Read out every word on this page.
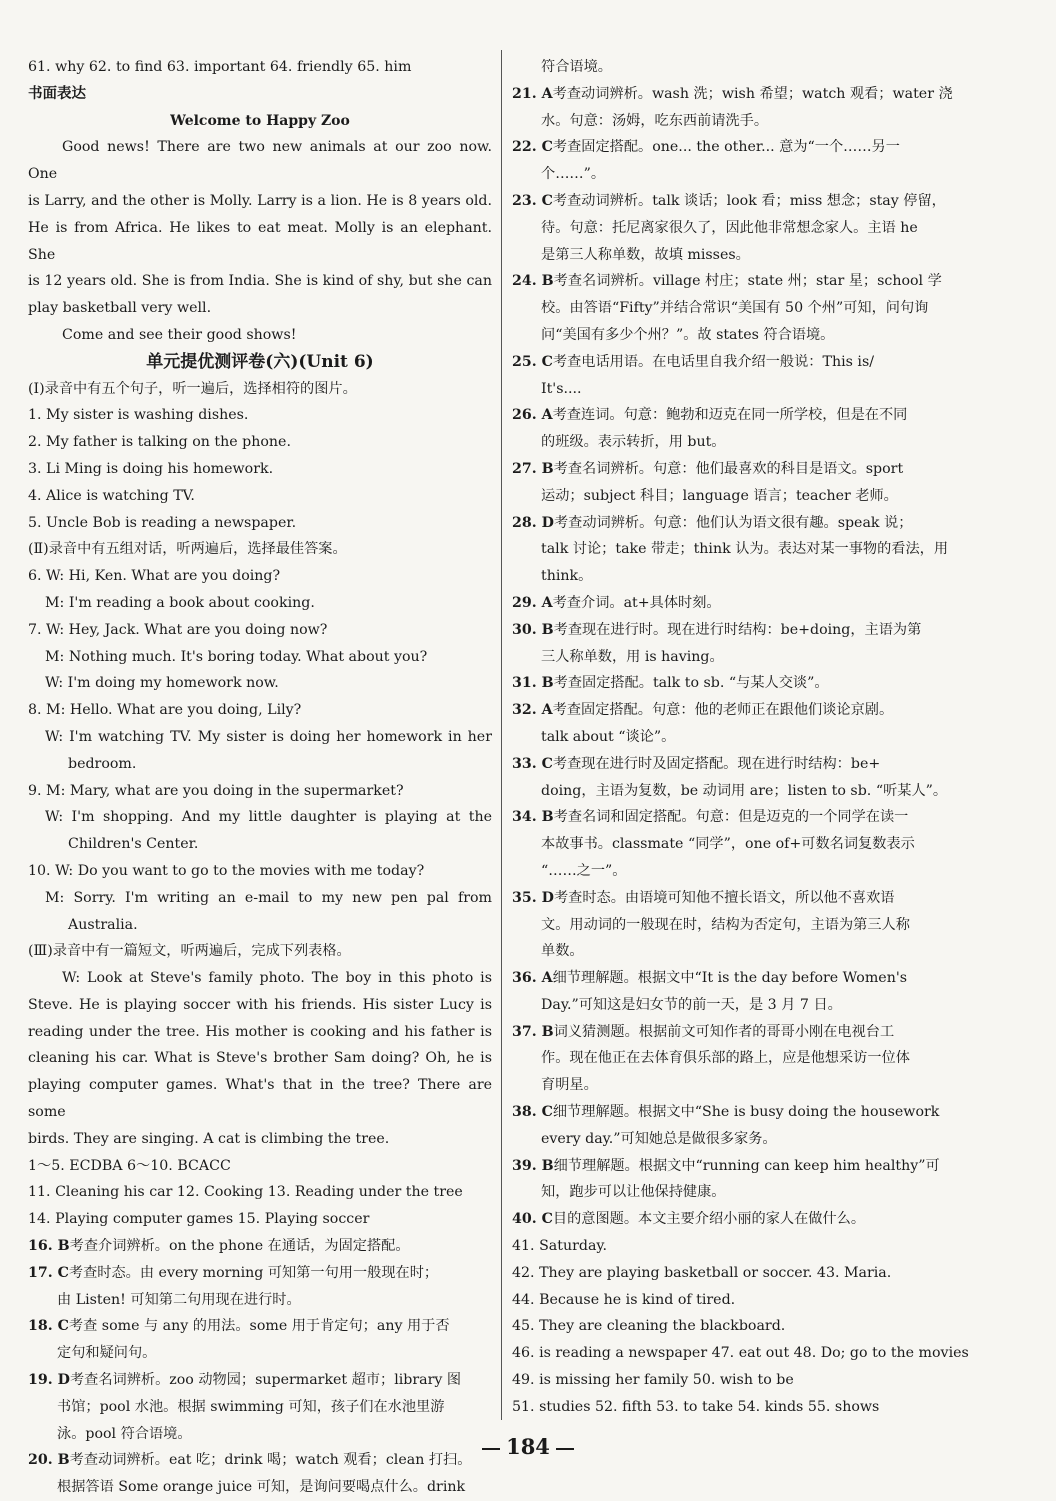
61. why 62. to find 63. important 64. friendly 65. him
书面表达
Welcome to Happy Zoo
Good news! There are two new animals at our zoo now. One
is Larry, and the other is Molly. Larry is a lion. He is 8 years old.
He is from Africa. He likes to eat meat. Molly is an elephant. She
is 12 years old. She is from India. She is kind of shy, but she can
play basketball very well.
Come and see their good shows!
单元提优测评卷(六)(Unit 6)
(Ⅰ)录音中有五个句子，听一遍后，选择相符的图片。
1. My sister is washing dishes.
2. My father is talking on the phone.
3. Li Ming is doing his homework.
4. Alice is watching TV.
5. Uncle Bob is reading a newspaper.
(Ⅱ)录音中有五组对话，听两遍后，选择最佳答案。
6. W: Hi, Ken. What are you doing?
M: I'm reading a book about cooking.
7. W: Hey, Jack. What are you doing now?
M: Nothing much. It's boring today. What about you?
W: I'm doing my homework now.
8. M: Hello. What are you doing, Lily?
W: I'm watching TV. My sister is doing her homework in her
bedroom.
9. M: Mary, what are you doing in the supermarket?
W: I'm shopping. And my little daughter is playing at the
Children's Center.
10. W: Do you want to go to the movies with me today?
M: Sorry. I'm writing an e-mail to my new pen pal from
Australia.
(Ⅲ)录音中有一篇短文，听两遍后，完成下列表格。
W: Look at Steve's family photo. The boy in this photo is
Steve. He is playing soccer with his friends. His sister Lucy is
reading under the tree. His mother is cooking and his father is
cleaning his car. What is Steve's brother Sam doing? Oh, he is
playing computer games. What's that in the tree? There are some
birds. They are singing. A cat is climbing the tree.
1～5. ECDBA 6～10. BCACC
11. Cleaning his car 12. Cooking 13. Reading under the tree
14. Playing computer games 15. Playing soccer
16. B考查介词辨析。on the phone 在通话，为固定搭配。
17. C考查时态。由 every morning 可知第一句用一般现在时；
由 Listen! 可知第二句用现在进行时。
18. C考查 some 与 any 的用法。some 用于肯定句；any 用于否
定句和疑问句。
19. D考查名词辨析。zoo 动物园；supermarket 超市；library 图
书馆；pool 水池。根据 swimming 可知，孩子们在水池里游
泳。pool 符合语境。
20. B考查动词辨析。eat 吃；drink 喝；watch 观看；clean 打扫。
根据答语 Some orange juice 可知，是询问要喝点什么。drink
符合语境。
21. A考查动词辨析。wash 洗；wish 希望；watch 观看；water 浇
水。句意：汤姆，吃东西前请洗手。
22. C考查固定搭配。one... the other... 意为“一个……另一
个……”。
23. C考查动词辨析。talk 谈话；look 看；miss 想念；stay 停留，
待。句意：托尼离家很久了，因此他非常想念家人。主语 he
是第三人称单数，故填 misses。
24. B考查名词辨析。village 村庄；state 州；star 星；school 学
校。由答语“Fifty”并结合常识“美国有 50 个州”可知，问句询
问“美国有多少个州？”。故 states 符合语境。
25. C考查电话用语。在电话里自我介绍一般说：This is/
It's....
26. A考查连词。句意：鲍勃和迈克在同一所学校，但是在不同
的班级。表示转折，用 but。
27. B考查名词辨析。句意：他们最喜欢的科目是语文。sport
运动；subject 科目；language 语言；teacher 老师。
28. D考查动词辨析。句意：他们认为语文很有趣。speak 说；
talk 讨论；take 带走；think 认为。表达对某一事物的看法，用
think。
29. A考查介词。at+具体时刻。
30. B考查现在进行时。现在进行时结构：be+doing，主语为第
三人称单数，用 is having。
31. B考查固定搭配。talk to sb. “与某人交谈”。
32. A考查固定搭配。句意：他的老师正在跟他们谈论京剧。
talk about “谈论”。
33. C考查现在进行时及固定搭配。现在进行时结构：be+
doing，主语为复数，be 动词用 are；listen to sb. “听某人”。
34. B考查名词和固定搭配。句意：但是迈克的一个同学在读一
本故事书。classmate “同学”，one of+可数名词复数表示
“……之一”。
35. D考查时态。由语境可知他不擅长语文，所以他不喜欢语
文。用动词的一般现在时，结构为否定句，主语为第三人称
单数。
36. A细节理解题。根据文中“It is the day before Women's
Day.”可知这是妇女节的前一天，是 3 月 7 日。
37. B词义猜测题。根据前文可知作者的哥哥小刚在电视台工
作。现在他正在去体育俱乐部的路上，应是他想采访一位体
育明星。
38. C细节理解题。根据文中“She is busy doing the housework
every day.”可知她总是做很多家务。
39. B细节理解题。根据文中“running can keep him healthy”可
知，跑步可以让他保持健康。
40. C目的意图题。本文主要介绍小丽的家人在做什么。
41. Saturday.
42. They are playing basketball or soccer. 43. Maria.
44. Because he is kind of tired.
45. They are cleaning the blackboard.
46. is reading a newspaper 47. eat out 48. Do; go to the movies
49. is missing her family 50. wish to be
51. studies 52. fifth 53. to take 54. kinds 55. shows
184
